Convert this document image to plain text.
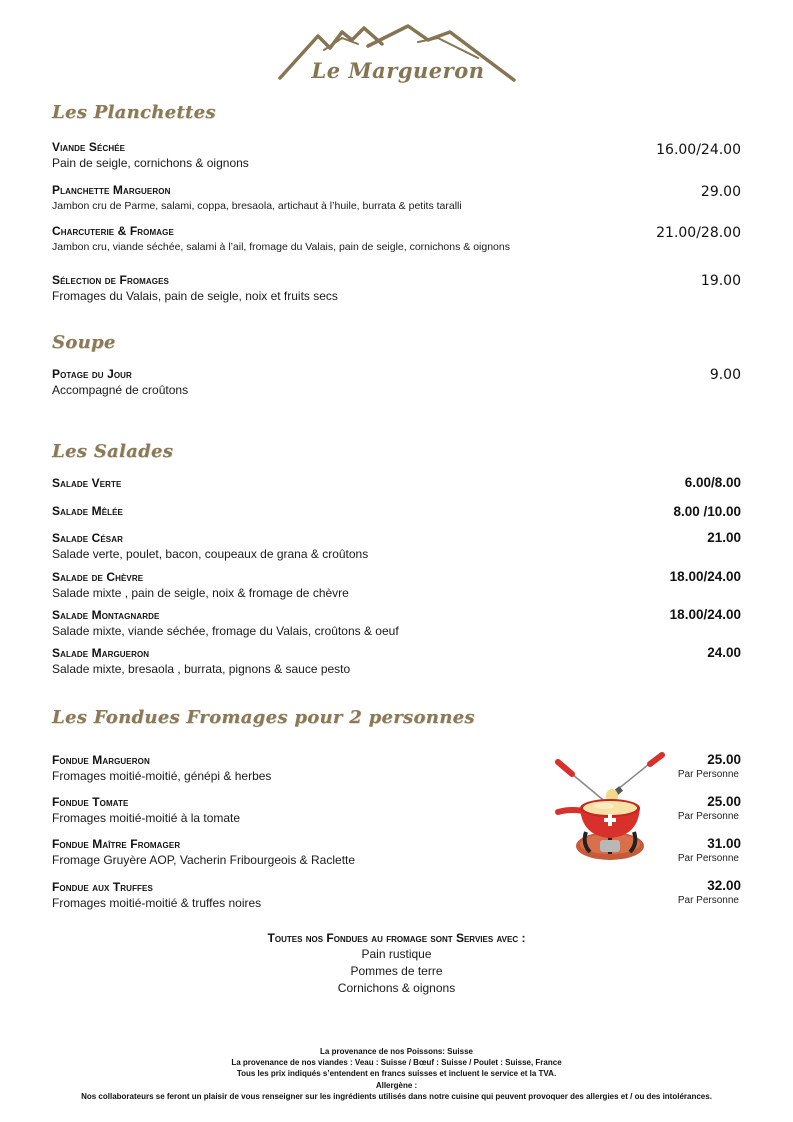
Le Margueron
Les Planchettes
Viande Séchée
Pain de seigle, cornichons & oignons
16.00/24.00
Planchette Margueron
Jambon cru de Parme, salami, coppa, bresaola, artichaut à l’huile, burrata & petits taralli
29.00
Charcuterie & Fromage
Jambon cru, viande séchée, salami à l’ail, fromage du Valais, pain de seigle, cornichons & oignons
21.00/28.00
Sélection de Fromages
Fromages du Valais, pain de seigle, noix et fruits secs
19.00
Soupe
Potage du Jour
Accompagné de croûtons
9.00
Les Salades
Salade Verte	6.00/8.00
Salade Mêlée	8.00 /10.00
Salade César
Salade verte, poulet, bacon, coupeaux de grana & croûtons
21.00
Salade de Chèvre
Salade mixte , pain de seigle, noix & fromage de chèvre
18.00/24.00
Salade Montagnarde
Salade mixte, viande séchée, fromage du Valais, croûtons & oeuf
18.00/24.00
Salade Margueron
Salade mixte, bresaola , burrata, pignons & sauce pesto
24.00
Les Fondues Fromages pour 2 personnes
Fondue Margueron
Fromages moitié-moitié, génépi & herbes
25.00
Par Personne
Fondue Tomate
Fromages moitié-moitié à la tomate
25.00
Par Personne
Fondue Maître Fromager
Fromage Gruyère AOP, Vacherin Fribourgeois & Raclette
31.00
Par Personne
Fondue aux Truffes
Fromages moitié-moitié & truffes noires
32.00
Par Personne
Toutes nos Fondues au fromage sont Servies avec :
Pain rustique
Pommes de terre
Cornichons & oignons
La provenance de nos Poissons: Suisse
La provenance de nos viandes : Veau : Suisse / Bœuf : Suisse / Poulet : Suisse, France
Tous les prix indiqués s’entendent en francs suisses et incluent le service et la TVA.
Allergène :
Nos collaborateurs se feront un plaisir de vous renseigner sur les ingrédients utilisés dans notre cuisine qui peuvent provoquer des allergies et / ou des intolérances.
